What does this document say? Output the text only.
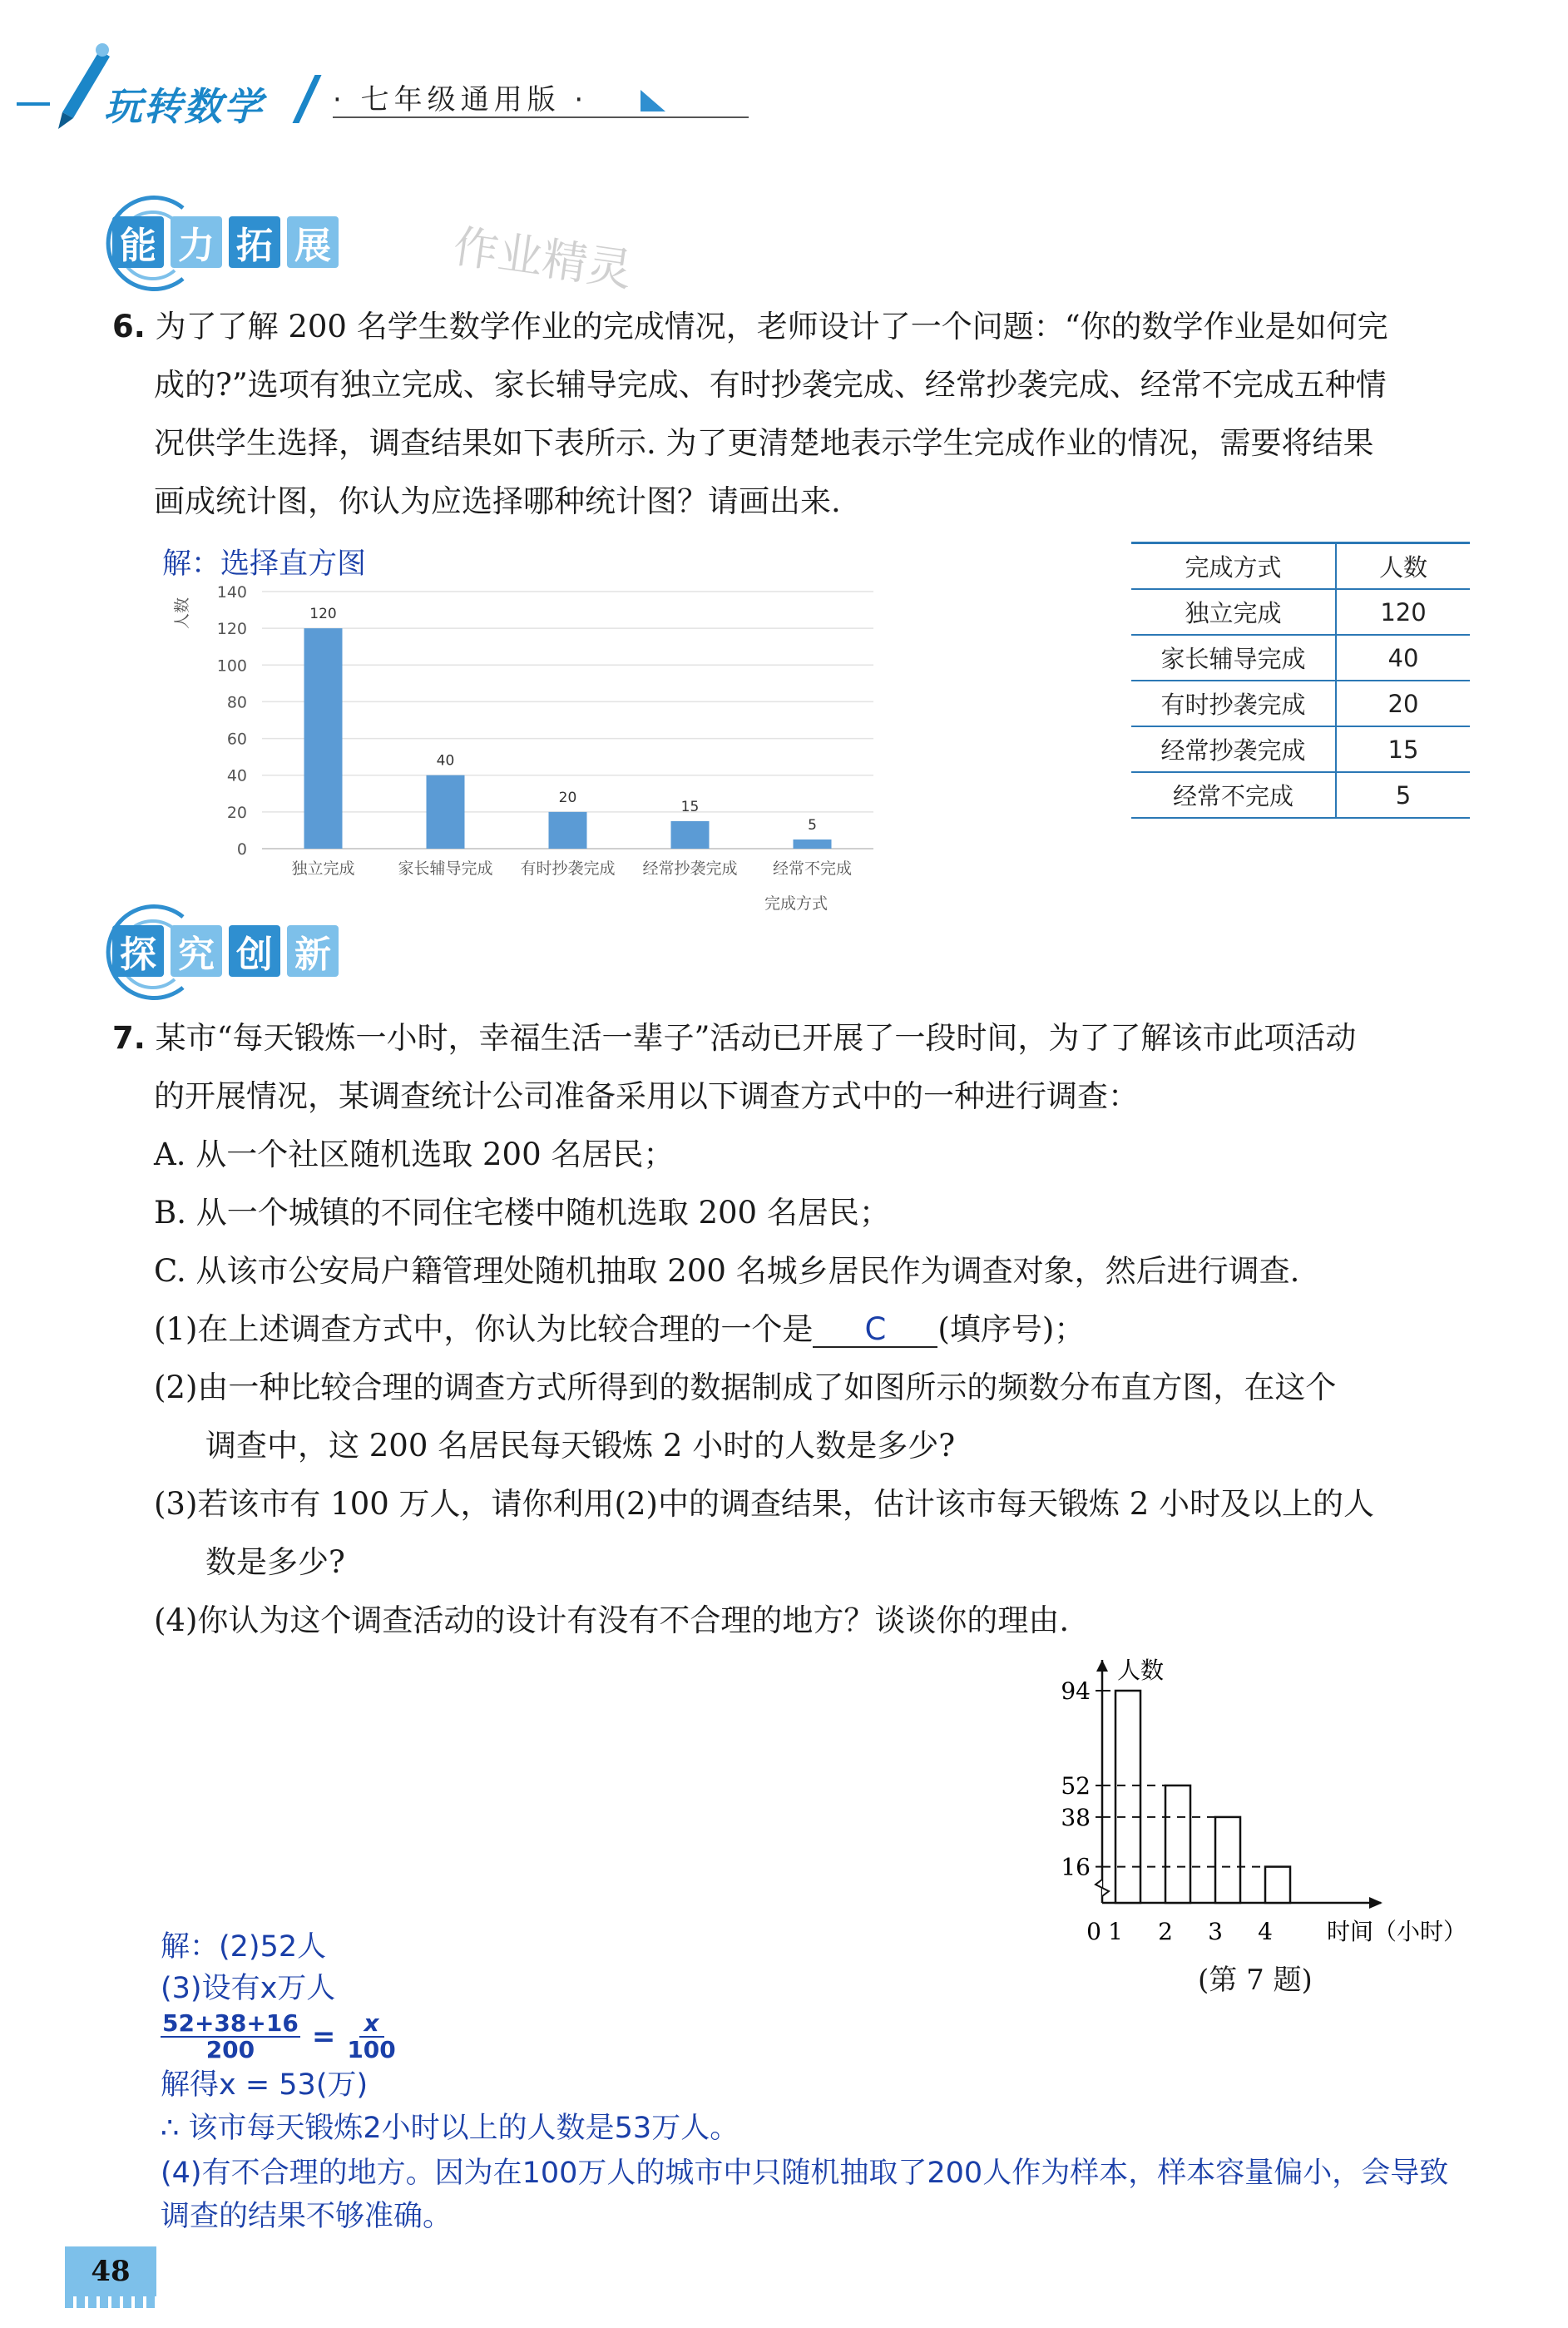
玩转数学 · 七年级通用版 ·
能 力 拓 展	作业精灵
6. 为了了解 200 名学生数学作业的完成情况，老师设计了一个问题：“你的数学作业是如何完
成的?”选项有独立完成、家长辅导完成、有时抄袭完成、经常抄袭完成、经常不完成五种情
况供学生选择，调查结果如下表所示. 为了更清楚地表示学生完成作业的情况，需要将结果
画成统计图，你认为应选择哪种统计图？请画出来.
解：选择直方图	完成方式	人数
独立完成	120
家长辅导完成	40
有时抄袭完成	20
经常抄袭完成	15
经常不完成	5
0
20
40
60
80
100
120
140
人数	120
独立完成
40
家长辅导完成
20
有时抄袭完成
15
经常抄袭完成
5
经常不完成
完成方式
探 究 创 新
7. 某市“每天锻炼一小时，幸福生活一辈子”活动已开展了一段时间，为了了解该市此项活动
的开展情况，某调查统计公司准备采用以下调查方式中的一种进行调查：
A. 从一个社区随机选取 200 名居民；
B. 从一个城镇的不同住宅楼中随机选取 200 名居民；
C. 从该市公安局户籍管理处随机抽取 200 名城乡居民作为调查对象，然后进行调查.
(1)在上述调查方式中，你认为比较合理的一个是 C (填序号)；
(2)由一种比较合理的调查方式所得到的数据制成了如图所示的频数分布直方图，在这个
调查中，这 200 名居民每天锻炼 2 小时的人数是多少?
(3)若该市有 100 万人，请你利用(2)中的调查结果，估计该市每天锻炼 2 小时及以上的人
数是多少?
(4)你认为这个调查活动的设计有没有不合理的地方？谈谈你的理由.
人数
时间（小时）
0 1 2 3 4
16
38
52
94
(第 7 题)
解：(2)52人
(3)设有x万人
$\frac{52+38+16}{200} = \frac{x}{100}$
解得x = 53(万)
∴ 该市每天锻炼2小时以上的人数是53万人。
(4)有不合理的地方。因为在100万人的城市中只随机抽取了200人作为样本，样本容量偏小，会导致
调查的结果不够准确。
48
